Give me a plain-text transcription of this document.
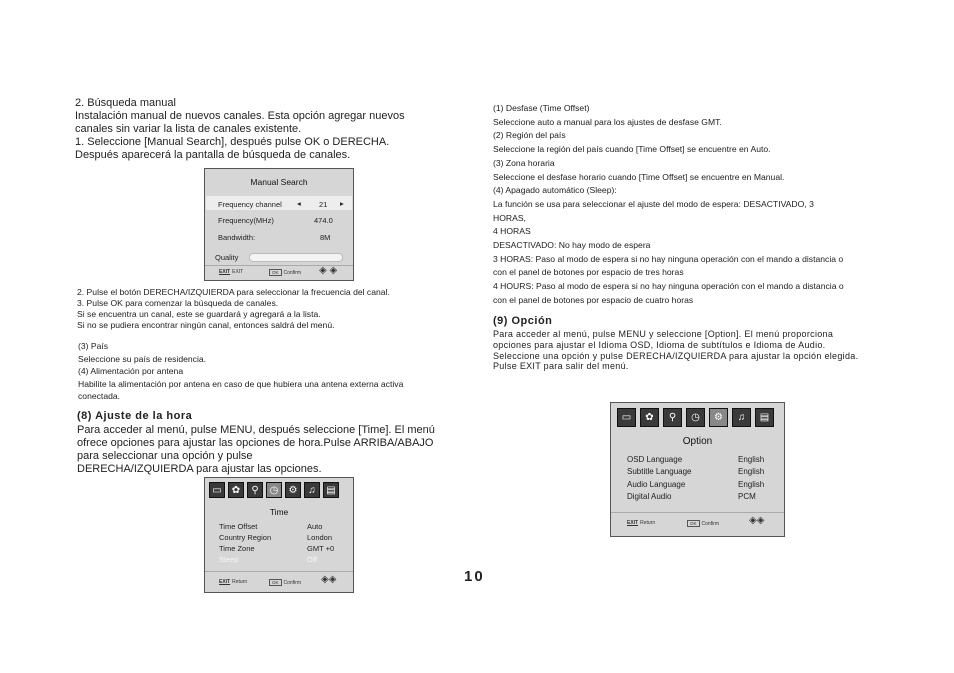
2. Búsqueda manual
Instalación manual de nuevos canales. Esta opción agregar nuevos
canales sin variar la lista de canales existente.
1. Seleccione [Manual Search], después pulse OK o DERECHA.
Después aparecerá la pantalla de búsqueda de canales.
Manual Search
Frequency channel ◂ 21 ▸
Frequency(MHz)	474.0
Bandwidth:	8M
Quality
EXIT EXIT	OK Confirm ◈ ◈
2. Pulse el botón DERECHA/IZQUIERDA para seleccionar la frecuencia del canal.
3. Pulse OK para comenzar la búsqueda de canales.
Si se encuentra un canal, este se guardará y agregará a la lista.
Si no se pudiera encontrar ningún canal, entonces saldrá del menú.
(3) País
Seleccione su país de residencia.
(4) Alimentación por antena
Habilite la alimentación por antena en caso de que hubiera una antena externa activa
conectada.
(8) Ajuste de la hora
Para acceder al menú, pulse MENU, después seleccione [Time]. El menú
ofrece opciones para ajustar las opciones de hora.Pulse ARRIBA/ABAJO
para seleccionar una opción y pulse
DERECHA/IZQUIERDA para ajustar las opciones.
▭	✿	⚲	◷	⚙	♫	▤
Time
Time Offset	Auto
Country Region	London
Time Zone	GMT +0
Sleep	Off
EXIT Return	OK Confirm ◈◈	10
(1) Desfase (Time Offset)
Seleccione auto a manual para los ajustes de desfase GMT.
(2) Región del país
Seleccione la región del país cuando [Time Offset] se encuentre en Auto.
(3) Zona horaria
Seleccione el desfase horario cuando [Time Offset] se encuentre en Manual.
(4) Apagado automático (Sleep):
La función se usa para seleccionar el ajuste del modo de espera: DESACTIVADO, 3
HORAS,
4 HORAS
DESACTIVADO: No hay modo de espera
3 HORAS: Paso al modo de espera si no hay ninguna operación con el mando a distancia o
con el panel de botones por espacio de tres horas
4 HOURS: Paso al modo de espera si no hay ninguna operación con el mando a distancia o
con el panel de botones por espacio de cuatro horas
(9) Opción
Para acceder al menú, pulse MENU y seleccione [Option]. El menú proporciona
opciones para ajustar el Idioma OSD, Idioma de subtítulos e Idioma de Audio.
Seleccione una opción y pulse DERECHA/IZQUIERDA para ajustar la opción elegida.
Pulse EXIT para salir del menú.
▭	✿	⚲	◷	⚙	♫	▤
Option
OSD Language	English
Subtitle Language	English
Audio Language	English
Digital Audio	PCM
EXIT Return	OK Confirm	◈◈
